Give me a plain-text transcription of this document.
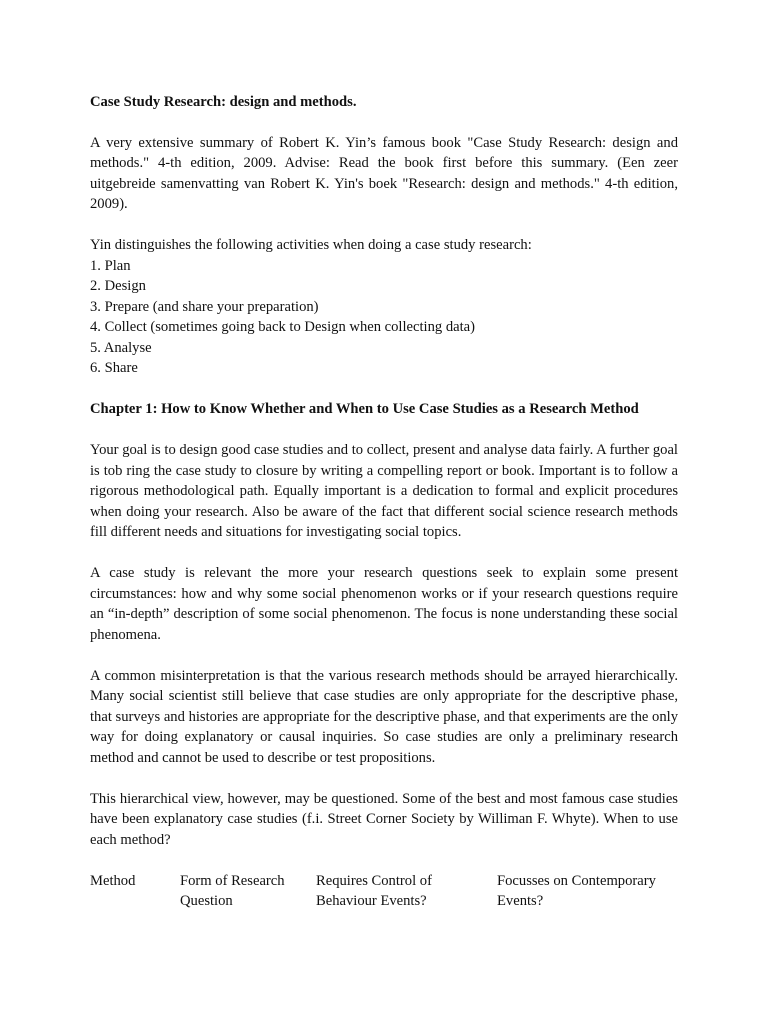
Case Study Research: design and methods.

A very extensive summary of Robert K. Yin’s famous book "Case Study Research: design and methods." 4-th edition, 2009. Advise: Read the book first before this summary. (Een zeer uitgebreide samenvatting van Robert K. Yin's boek "Research: design and methods." 4-th edition, 2009).

Yin distinguishes the following activities when doing a case study research:
1. Plan
2. Design
3. Prepare (and share your preparation)
4. Collect (sometimes going back to Design when collecting data)
5. Analyse
6. Share
Chapter 1: How to Know Whether and When to Use Case Studies as a Research Method

Your goal is to design good case studies and to collect, present and analyse data fairly. A further goal is tob ring the case study to closure by writing a compelling report or book. Important is to follow a rigorous methodological path. Equally important is a dedication to formal and explicit procedures when doing your research. Also be aware of the fact that different social science research methods fill different needs and situations for investigating social topics.

A case study is relevant the more your research questions seek to explain some present circumstances: how and why some social phenomenon works or if your research questions require an “in-depth” description of some social phenomenon. The focus is none understanding these social phenomena.

A common misinterpretation is that the various research methods should be arrayed hierarchically. Many social scientist still believe that case studies are only appropriate for the descriptive phase, that surveys and histories are appropriate for the descriptive phase, and that experiments are the only way for doing explanatory or causal inquiries. So case studies are only a preliminary research method and cannot be used to describe or test propositions.

This hierarchical view, however, may be questioned. Some of the best and most famous case studies have been explanatory case studies (f.i. Street Corner Society by Williman F. Whyte). When to use each method?

Method	Form of Research Question
Requires Control of Behaviour Events?
Focusses on Contemporary Events?
